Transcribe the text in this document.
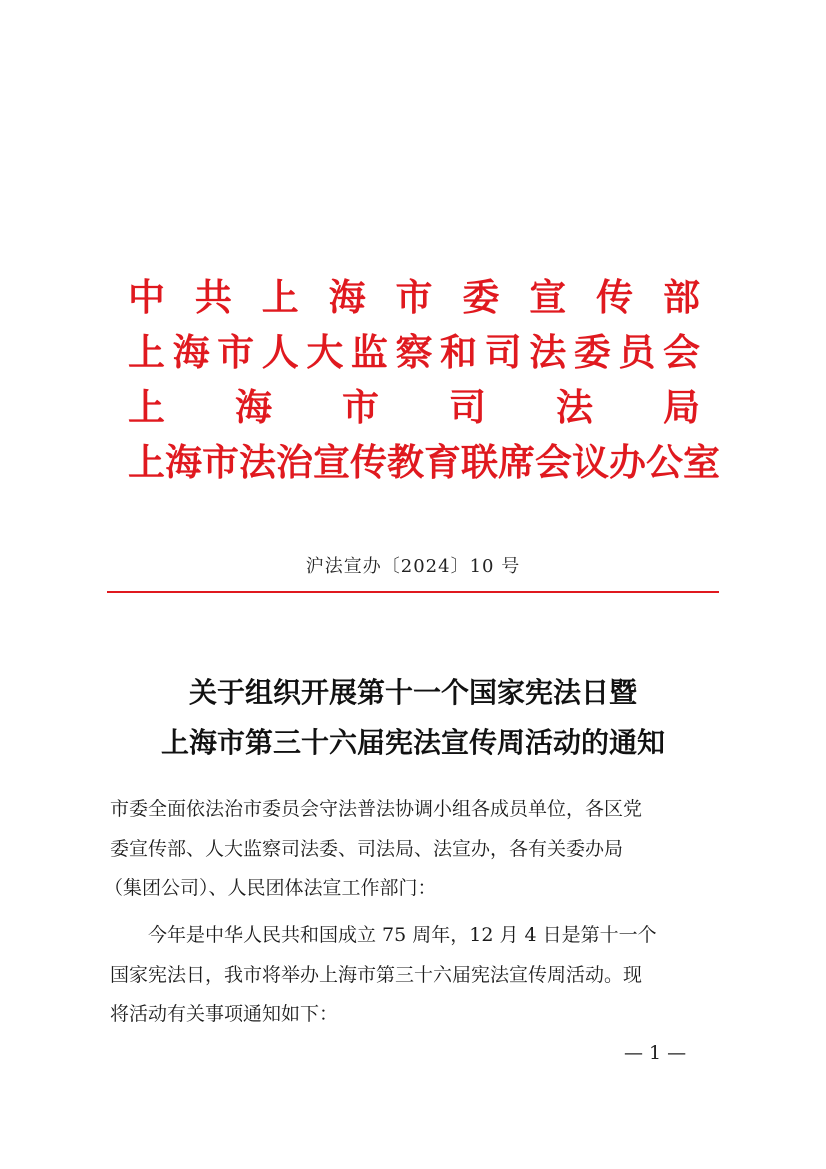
中 共 上 海 市 委 宣 传 部
上 海 市 人 大 监 察 和 司 法 委 员 会
上 海 市 司 法 局
上 海 市 法 治 宣 传 教 育 联 席 会 议 办 公 室
沪法宣办〔2024〕10 号
关于组织开展第十一个国家宪法日暨
上海市第三十六届宪法宣传周活动的通知
市委全面依法治市委员会守法普法协调小组各成员单位，各区党
委宣传部、人大监察司法委、司法局、法宣办，各有关委办局
（集团公司）、人民团体法宣工作部门：
今年是中华人民共和国成立 75 周年，12 月 4 日是第十一个
国家宪法日，我市将举办上海市第三十六届宪法宣传周活动。现
将活动有关事项通知如下：
— 1 —
